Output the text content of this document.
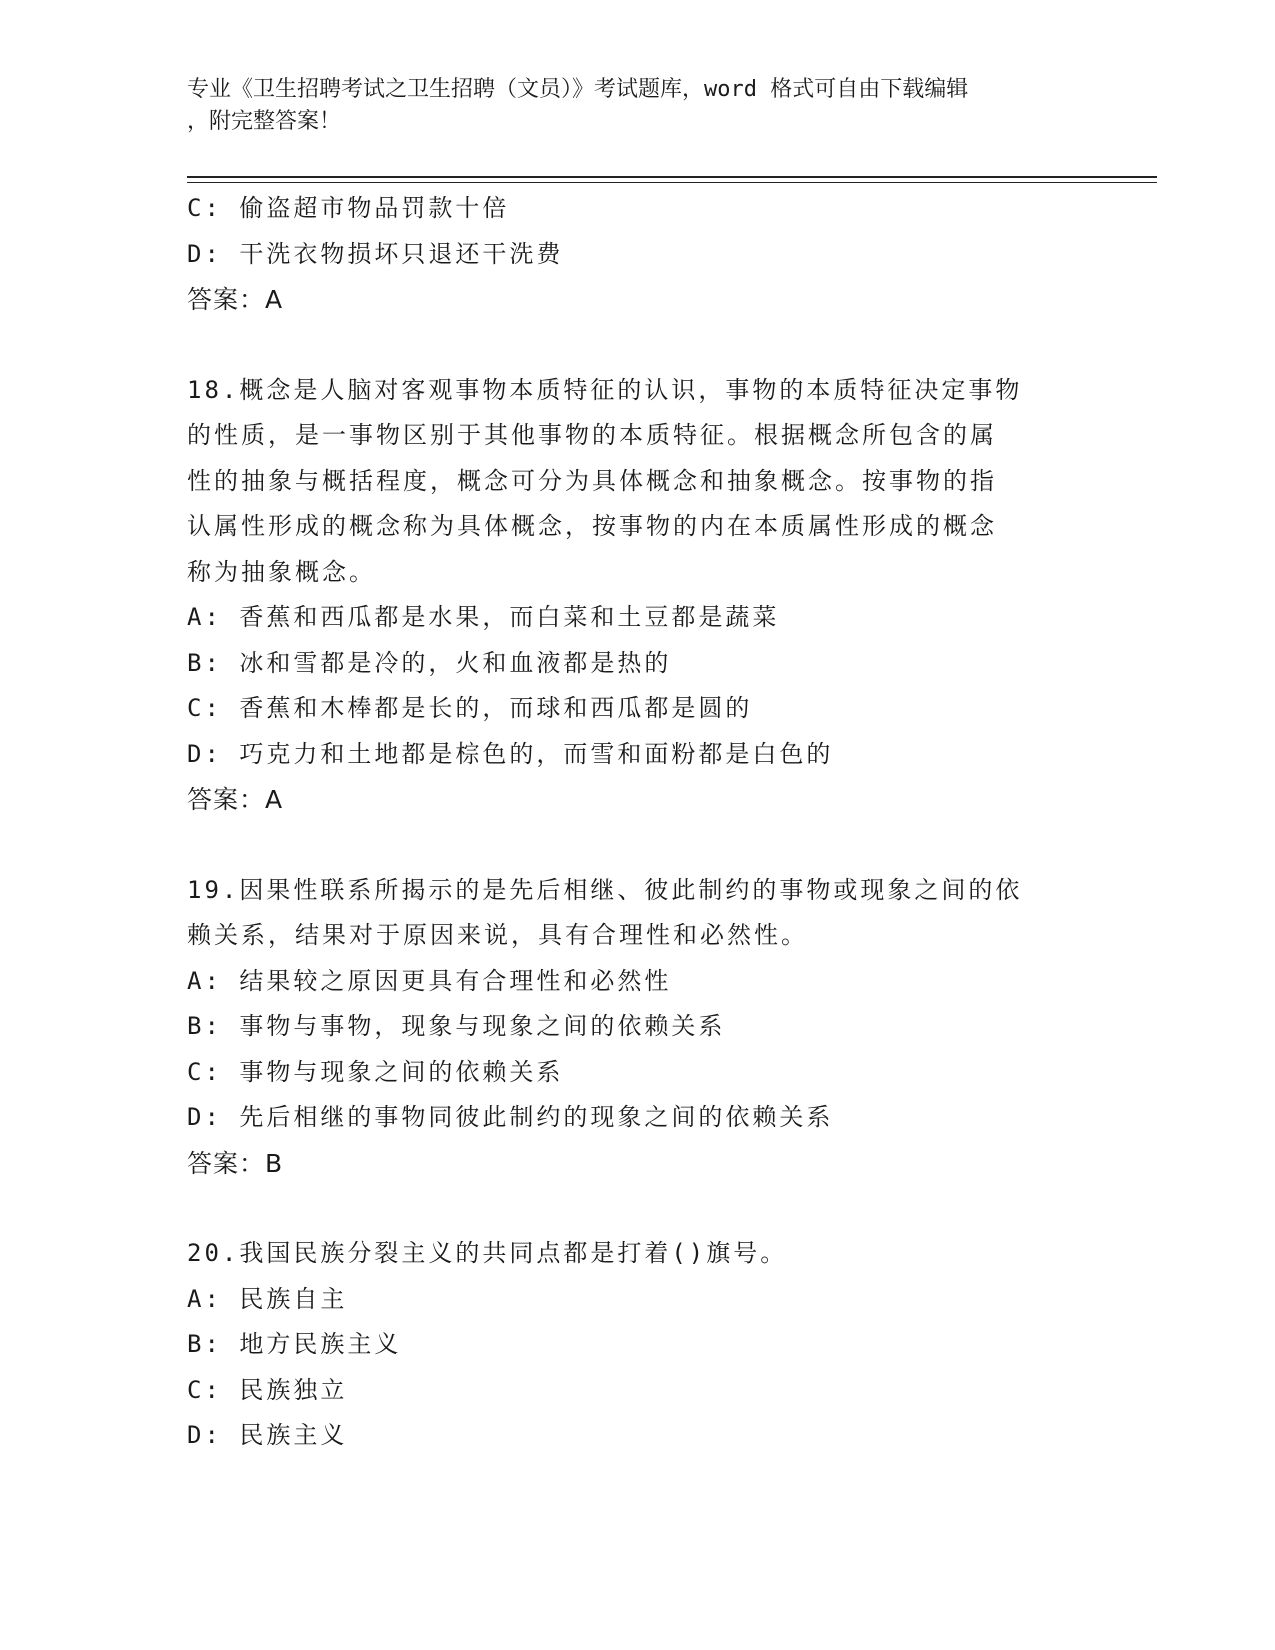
专业《卫生招聘考试之卫生招聘（文员）》考试题库，word 格式可自由下载编辑
，附完整答案！
C: 偷盗超市物品罚款十倍
D: 干洗衣物损坏只退还干洗费
答案：A
18.概念是人脑对客观事物本质特征的认识，事物的本质特征决定事物
的性质，是一事物区别于其他事物的本质特征。根据概念所包含的属
性的抽象与概括程度，概念可分为具体概念和抽象概念。按事物的指
认属性形成的概念称为具体概念，按事物的内在本质属性形成的概念
称为抽象概念。
A: 香蕉和西瓜都是水果，而白菜和土豆都是蔬菜
B: 冰和雪都是冷的，火和血液都是热的
C: 香蕉和木棒都是长的，而球和西瓜都是圆的
D: 巧克力和土地都是棕色的，而雪和面粉都是白色的
答案：A
19.因果性联系所揭示的是先后相继、彼此制约的事物或现象之间的依
赖关系，结果对于原因来说，具有合理性和必然性。
A: 结果较之原因更具有合理性和必然性
B: 事物与事物，现象与现象之间的依赖关系
C: 事物与现象之间的依赖关系
D: 先后相继的事物同彼此制约的现象之间的依赖关系
答案：B
20.我国民族分裂主义的共同点都是打着()旗号。
A: 民族自主
B: 地方民族主义
C: 民族独立
D: 民族主义
